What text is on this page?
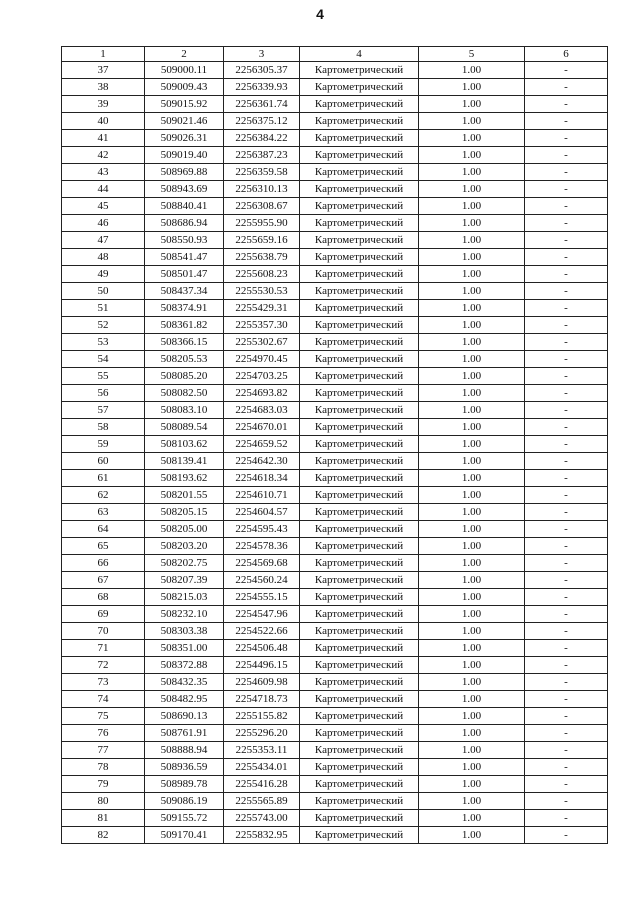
4
1	2	3	4	5	6
37	509000.11	2256305.37	Картометрический	1.00	-
38	509009.43	2256339.93	Картометрический	1.00	-
39	509015.92	2256361.74	Картометрический	1.00	-
40	509021.46	2256375.12	Картометрический	1.00	-
41	509026.31	2256384.22	Картометрический	1.00	-
42	509019.40	2256387.23	Картометрический	1.00	-
43	508969.88	2256359.58	Картометрический	1.00	-
44	508943.69	2256310.13	Картометрический	1.00	-
45	508840.41	2256308.67	Картометрический	1.00	-
46	508686.94	2255955.90	Картометрический	1.00	-
47	508550.93	2255659.16	Картометрический	1.00	-
48	508541.47	2255638.79	Картометрический	1.00	-
49	508501.47	2255608.23	Картометрический	1.00	-
50	508437.34	2255530.53	Картометрический	1.00	-
51	508374.91	2255429.31	Картометрический	1.00	-
52	508361.82	2255357.30	Картометрический	1.00	-
53	508366.15	2255302.67	Картометрический	1.00	-
54	508205.53	2254970.45	Картометрический	1.00	-
55	508085.20	2254703.25	Картометрический	1.00	-
56	508082.50	2254693.82	Картометрический	1.00	-
57	508083.10	2254683.03	Картометрический	1.00	-
58	508089.54	2254670.01	Картометрический	1.00	-
59	508103.62	2254659.52	Картометрический	1.00	-
60	508139.41	2254642.30	Картометрический	1.00	-
61	508193.62	2254618.34	Картометрический	1.00	-
62	508201.55	2254610.71	Картометрический	1.00	-
63	508205.15	2254604.57	Картометрический	1.00	-
64	508205.00	2254595.43	Картометрический	1.00	-
65	508203.20	2254578.36	Картометрический	1.00	-
66	508202.75	2254569.68	Картометрический	1.00	-
67	508207.39	2254560.24	Картометрический	1.00	-
68	508215.03	2254555.15	Картометрический	1.00	-
69	508232.10	2254547.96	Картометрический	1.00	-
70	508303.38	2254522.66	Картометрический	1.00	-
71	508351.00	2254506.48	Картометрический	1.00	-
72	508372.88	2254496.15	Картометрический	1.00	-
73	508432.35	2254609.98	Картометрический	1.00	-
74	508482.95	2254718.73	Картометрический	1.00	-
75	508690.13	2255155.82	Картометрический	1.00	-
76	508761.91	2255296.20	Картометрический	1.00	-
77	508888.94	2255353.11	Картометрический	1.00	-
78	508936.59	2255434.01	Картометрический	1.00	-
79	508989.78	2255416.28	Картометрический	1.00	-
80	509086.19	2255565.89	Картометрический	1.00	-
81	509155.72	2255743.00	Картометрический	1.00	-
82	509170.41	2255832.95	Картометрический	1.00	-
